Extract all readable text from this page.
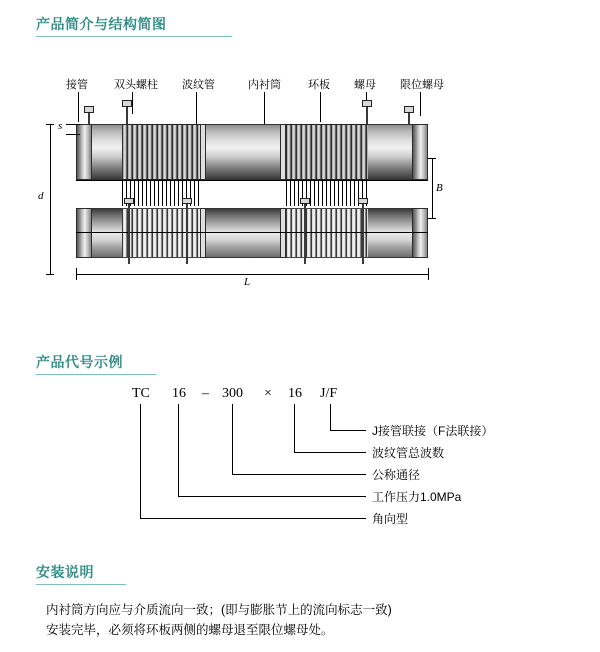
产品简介与结构简图
接管 双头螺柱 波纹管	内衬筒 环板 螺母 限位螺母
s
d
B
L
产品代号示例
TC 16 – 300 × 16 J/F
J接管联接（F法联接）
波纹管总波数
公称通径
工作压力1.0MPa
角向型
安装说明
内衬筒方向应与介质流向一致；(即与膨胀节上的流向标志一致)
安装完毕，必须将环板两侧的螺母退至限位螺母处。
